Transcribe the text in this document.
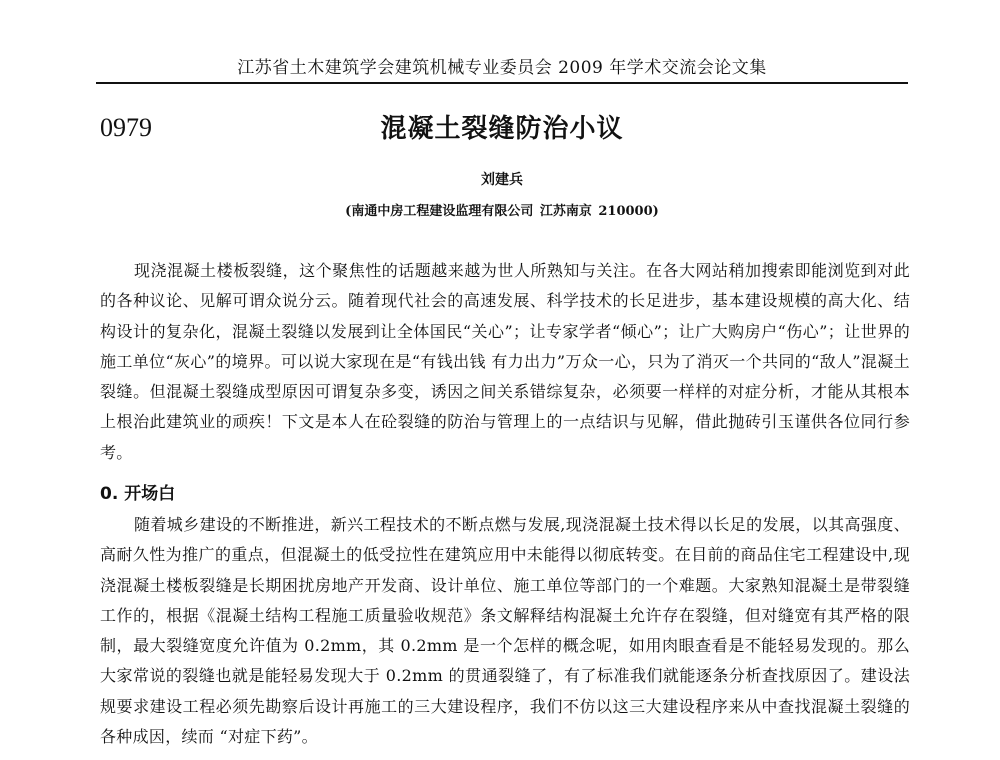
江苏省土木建筑学会建筑机械专业委员会 2009 年学术交流会论文集
0979	混凝土裂缝防治小议
刘建兵
(南通中房工程建设监理有限公司 江苏南京 210000)

现浇混凝土楼板裂缝，这个聚焦性的话题越来越为世人所熟知与关注。在各大网站稍加搜索即能浏览到对此的各种议论、见解可谓众说分云。随着现代社会的高速发展、科学技术的长足进步，基本建设规模的高大化、结构设计的复杂化，混凝土裂缝以发展到让全体国民“关心”；让专家学者“倾心”；让广大购房户“伤心”；让世界的施工单位“灰心”的境界。可以说大家现在是“有钱出钱 有力出力”万众一心，只为了消灭一个共同的“敌人”混凝土裂缝。但混凝土裂缝成型原因可谓复杂多变，诱因之间关系错综复杂，必须要一样样的对症分析，才能从其根本上根治此建筑业的顽疾！下文是本人在砼裂缝的防治与管理上的一点结识与见解，借此抛砖引玉谨供各位同行参考。

0. 开场白

随着城乡建设的不断推进，新兴工程技术的不断点燃与发展,现浇混凝土技术得以长足的发展，以其高强度、高耐久性为推广的重点，但混凝土的低受拉性在建筑应用中未能得以彻底转变。在目前的商品住宅工程建设中,现浇混凝土楼板裂缝是长期困扰房地产开发商、设计单位、施工单位等部门的一个难题。大家熟知混凝土是带裂缝工作的，根据《混凝土结构工程施工质量验收规范》条文解释结构混凝土允许存在裂缝，但对缝宽有其严格的限制，最大裂缝宽度允许值为 0.2mm，其 0.2mm 是一个怎样的概念呢，如用肉眼查看是不能轻易发现的。那么大家常说的裂缝也就是能轻易发现大于 0.2mm 的贯通裂缝了，有了标准我们就能逐条分析查找原因了。建设法规要求建设工程必须先勘察后设计再施工的三大建设程序，我们不仿以这三大建设程序来从中查找混凝土裂缝的各种成因，续而 “对症下药”。
